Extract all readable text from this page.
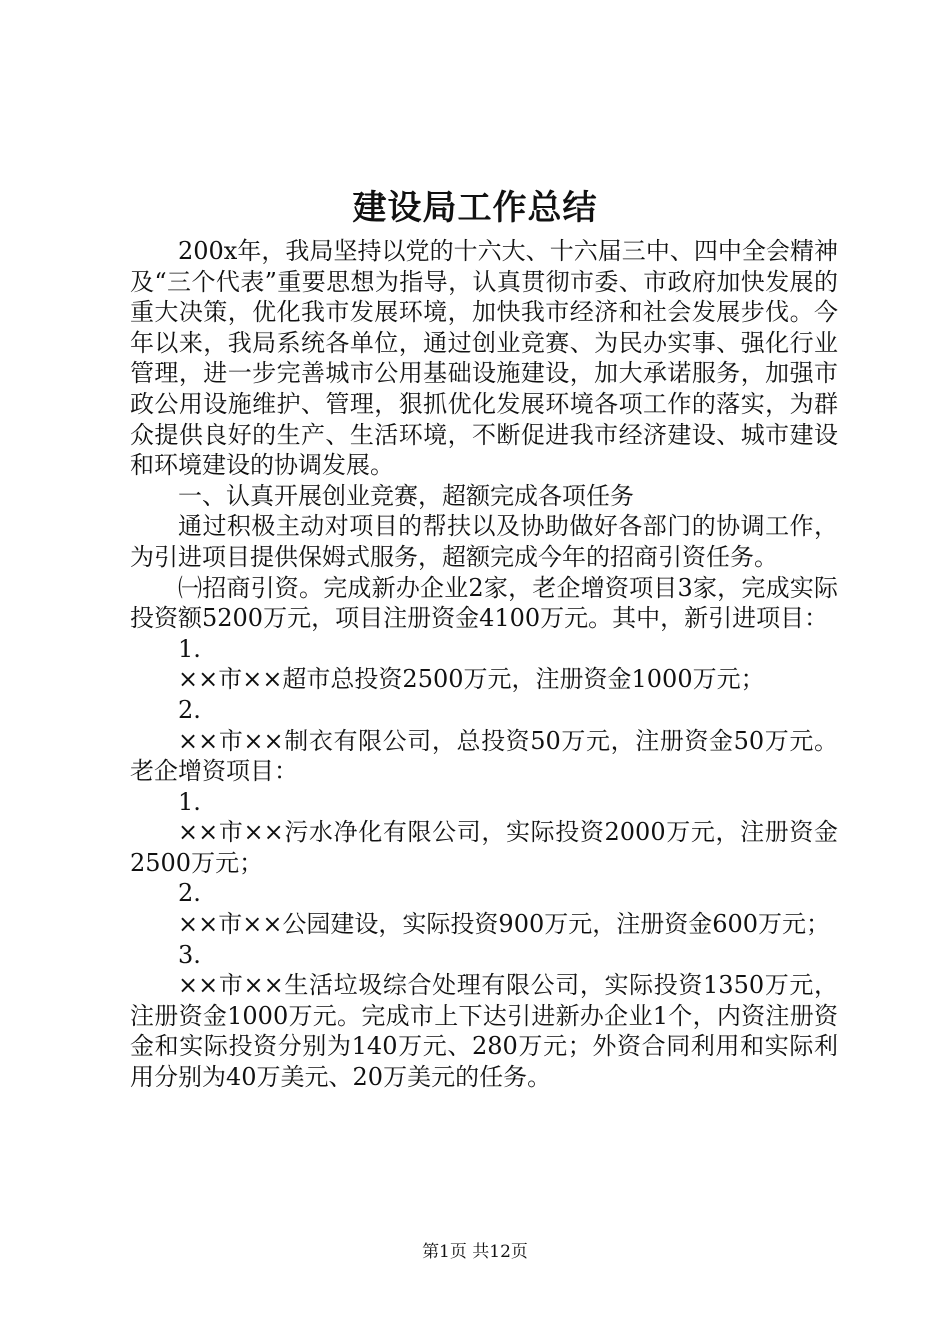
建设局工作总结

200x年，我局坚持以党的十六大、十六届三中、四中全会精神及“三个代表”重要思想为指导，认真贯彻市委、市政府加快发展的重大决策，优化我市发展环境，加快我市经济和社会发展步伐。今年以来，我局系统各单位，通过创业竞赛、为民办实事、强化行业管理，进一步完善城市公用基础设施建设，加大承诺服务，加强市政公用设施维护、管理，狠抓优化发展环境各项工作的落实，为群众提供良好的生产、生活环境，不断促进我市经济建设、城市建设和环境建设的协调发展。

一、认真开展创业竞赛，超额完成各项任务

通过积极主动对项目的帮扶以及协助做好各部门的协调工作，为引进项目提供保姆式服务，超额完成今年的招商引资任务。

㈠招商引资。完成新办企业2家，老企增资项目3家，完成实际投资额5200万元，项目注册资金4100万元。其中，新引进项目：

1.

××市××超市总投资2500万元，注册资金1000万元；

2.

××市××制衣有限公司，总投资50万元，注册资金50万元。老企增资项目：

1.

××市××污水净化有限公司，实际投资2000万元，注册资金2500万元；

2.

××市××公园建设，实际投资900万元，注册资金600万元；

3.

××市××生活垃圾综合处理有限公司，实际投资1350万元，注册资金1000万元。完成市上下达引进新办企业1个，内资注册资金和实际投资分别为140万元、280万元；外资合同利用和实际利用分别为40万美元、20万美元的任务。

第1页 共12页
